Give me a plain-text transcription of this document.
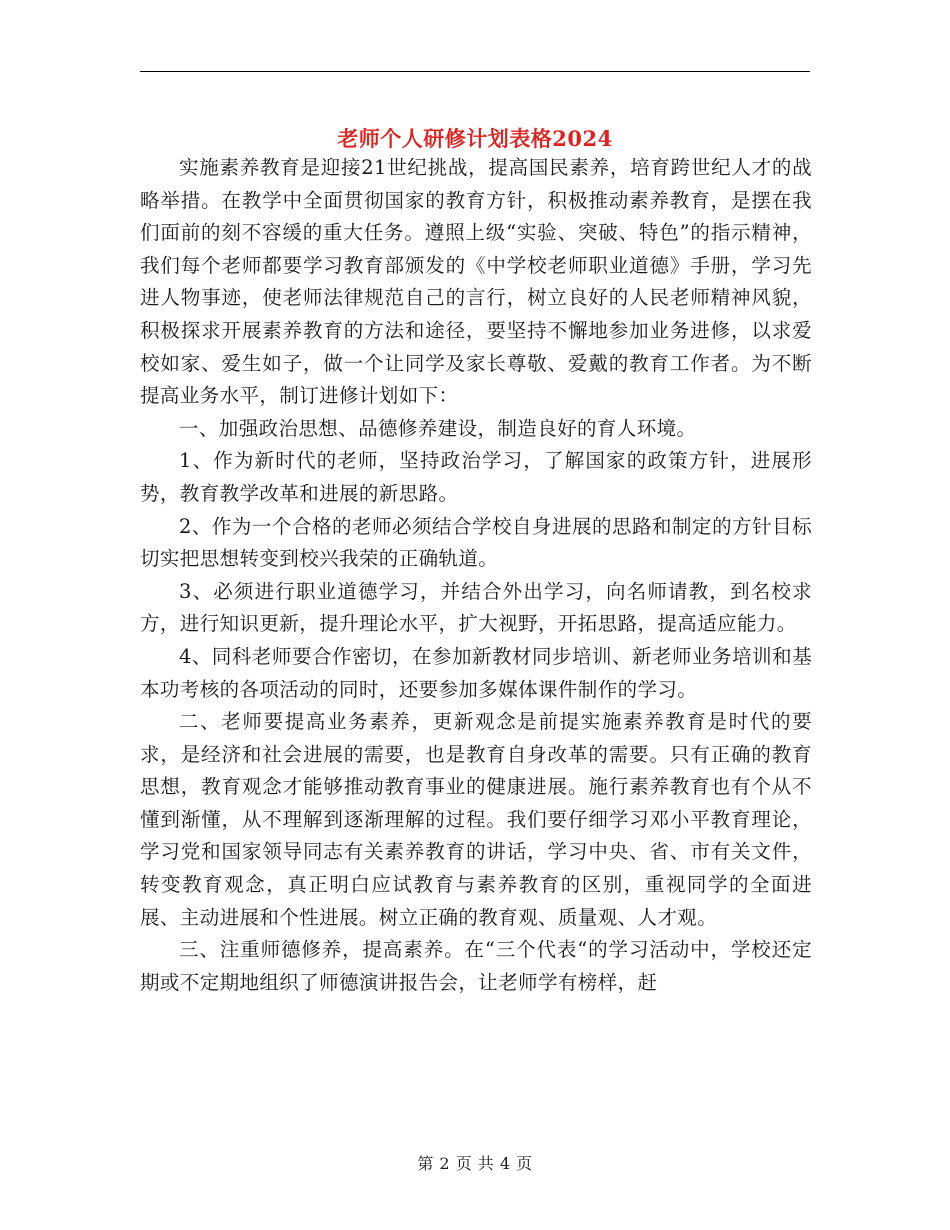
老师个人研修计划表格2024

实施素养教育是迎接21世纪挑战，提高国民素养，培育跨世纪人才的战略举措。在教学中全面贯彻国家的教育方针，积极推动素养教育，是摆在我们面前的刻不容缓的重大任务。遵照上级“实验、突破、特色”的指示精神，我们每个老师都要学习教育部颁发的《中学校老师职业道德》手册，学习先进人物事迹，使老师法律规范自己的言行，树立良好的人民老师精神风貌，积极探求开展素养教育的方法和途径，要坚持不懈地参加业务进修，以求爱校如家、爱生如子，做一个让同学及家长尊敬、爱戴的教育工作者。为不断提高业务水平，制订进修计划如下：

一、加强政治思想、品德修养建设，制造良好的育人环境。

1、作为新时代的老师，坚持政治学习，了解国家的政策方针，进展形势，教育教学改革和进展的新思路。

2、作为一个合格的老师必须结合学校自身进展的思路和制定的方针目标切实把思想转变到校兴我荣的正确轨道。

3、必须进行职业道德学习，并结合外出学习，向名师请教，到名校求方，进行知识更新，提升理论水平，扩大视野，开拓思路，提高适应能力。

4、同科老师要合作密切，在参加新教材同步培训、新老师业务培训和基本功考核的各项活动的同时，还要参加多媒体课件制作的学习。

二、老师要提高业务素养，更新观念是前提实施素养教育是时代的要求，是经济和社会进展的需要，也是教育自身改革的需要。只有正确的教育思想，教育观念才能够推动教育事业的健康进展。施行素养教育也有个从不懂到渐懂，从不理解到逐渐理解的过程。我们要仔细学习邓小平教育理论，学习党和国家领导同志有关素养教育的讲话，学习中央、省、市有关文件，转变教育观念，真正明白应试教育与素养教育的区别，重视同学的全面进展、主动进展和个性进展。树立正确的教育观、质量观、人才观。

三、注重师德修养，提高素养。在“三个代表“的学习活动中，学校还定期或不定期地组织了师德演讲报告会，让老师学有榜样，赶

第 2 页 共 4 页
